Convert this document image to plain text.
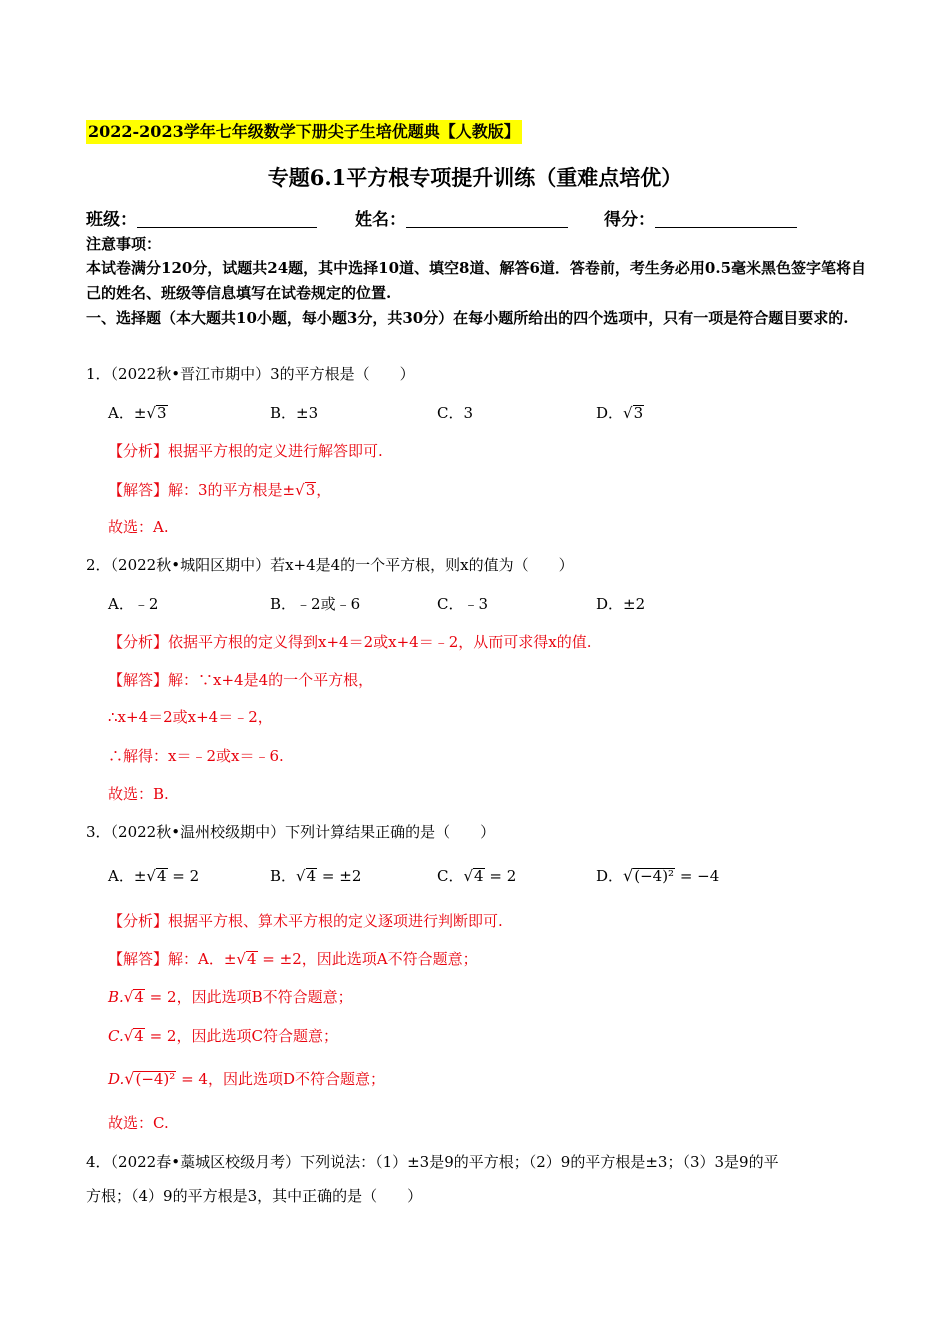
2022-2023学年七年级数学下册尖子生培优题典【人教版】
专题6.1平方根专项提升训练（重难点培优）
班级：	姓名：	得分：
注意事项：
本试卷满分120分，试题共24题，其中选择10道、填空8道、解答6道．答卷前，考生务必用0.5毫米黑色签字笔将自己的姓名、班级等信息填写在试卷规定的位置.
一、选择题（本大题共10小题，每小题3分，共30分）在每小题所给出的四个选项中，只有一项是符合题目要求的.
1．（2022秋•晋江市期中）3的平方根是（　　）
A．±√3	B．±3	C．3	D．√3
【分析】根据平方根的定义进行解答即可.
【解答】解：3的平方根是±√3，
故选：A.
2．（2022秋•城阳区期中）若x+4是4的一个平方根，则x的值为（　　）
A．﹣2	B．﹣2或﹣6	C．﹣3	D．±2
【分析】依据平方根的定义得到x+4＝2或x+4＝﹣2，从而可求得x的值.
【解答】解：∵x+4是4的一个平方根，
∴x+4＝2或x+4＝﹣2，
∴解得：x＝﹣2或x＝﹣6.
故选：B.
3．（2022秋•温州校级期中）下列计算结果正确的是（　　）
A．±√4 = 2	B．√4 = ±2	C．√4 = 2	D．√(−4)² = −4
【分析】根据平方根、算术平方根的定义逐项进行判断即可.
【解答】解：A．±√4 = ±2，因此选项A不符合题意；
B.√4 = 2，因此选项B不符合题意；
C.√4 = 2，因此选项C符合题意；
D.√(−4)² = 4，因此选项D不符合题意；
故选：C.
4．（2022春•藁城区校级月考）下列说法：（1）±3是9的平方根；（2）9的平方根是±3；（3）3是9的平
方根；（4）9的平方根是3，其中正确的是（　　）
